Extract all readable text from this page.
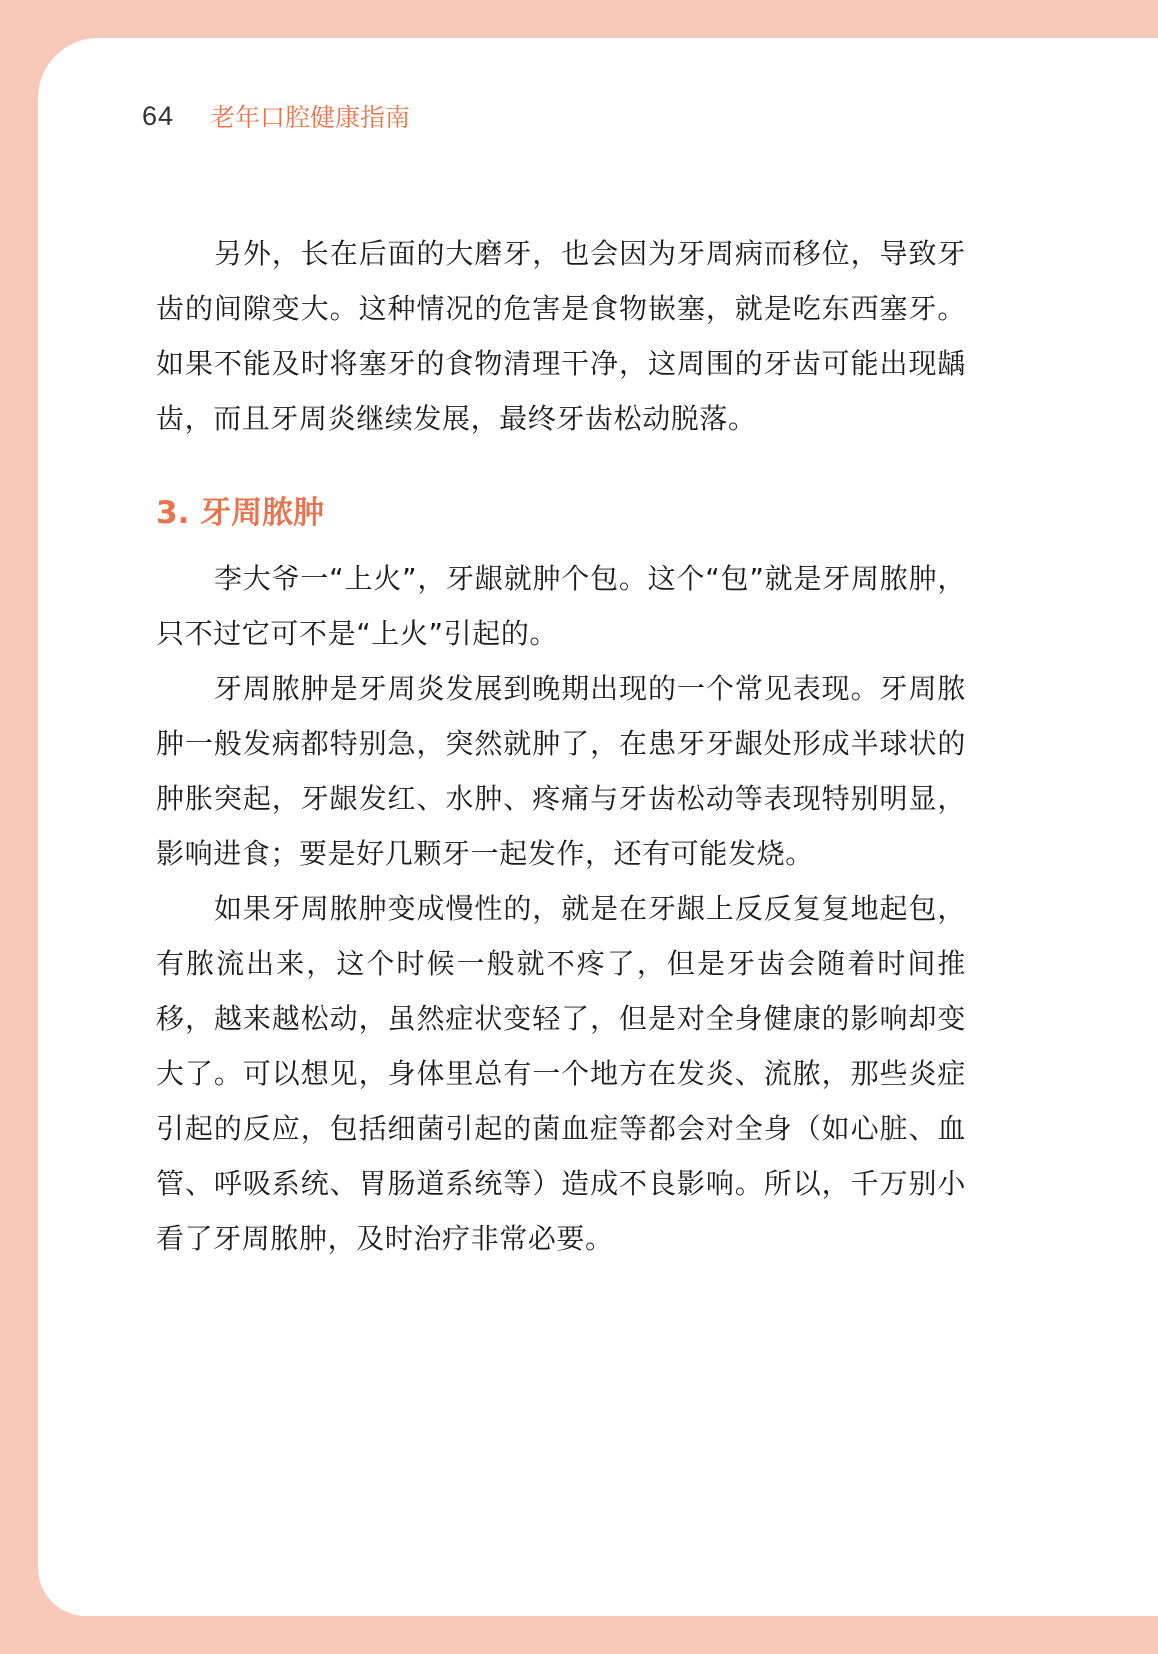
64 老年口腔健康指南

另外，长在后面的大磨牙，也会因为牙周病而移位，导致牙齿的间隙变大。这种情况的危害是食物嵌塞，就是吃东西塞牙。如果不能及时将塞牙的食物清理干净，这周围的牙齿可能出现龋齿，而且牙周炎继续发展，最终牙齿松动脱落。

3. 牙周脓肿

李大爷一“上火”，牙龈就肿个包。这个“包”就是牙周脓肿，只不过它可不是“上火”引起的。

牙周脓肿是牙周炎发展到晚期出现的一个常见表现。牙周脓肿一般发病都特别急，突然就肿了，在患牙牙龈处形成半球状的肿胀突起，牙龈发红、水肿、疼痛与牙齿松动等表现特别明显，影响进食；要是好几颗牙一起发作，还有可能发烧。

如果牙周脓肿变成慢性的，就是在牙龈上反反复复地起包，有脓流出来，这个时候一般就不疼了，但是牙齿会随着时间推移，越来越松动，虽然症状变轻了，但是对全身健康的影响却变大了。可以想见，身体里总有一个地方在发炎、流脓，那些炎症引起的反应，包括细菌引起的菌血症等都会对全身（如心脏、血管、呼吸系统、胃肠道系统等）造成不良影响。所以，千万别小看了牙周脓肿，及时治疗非常必要。
